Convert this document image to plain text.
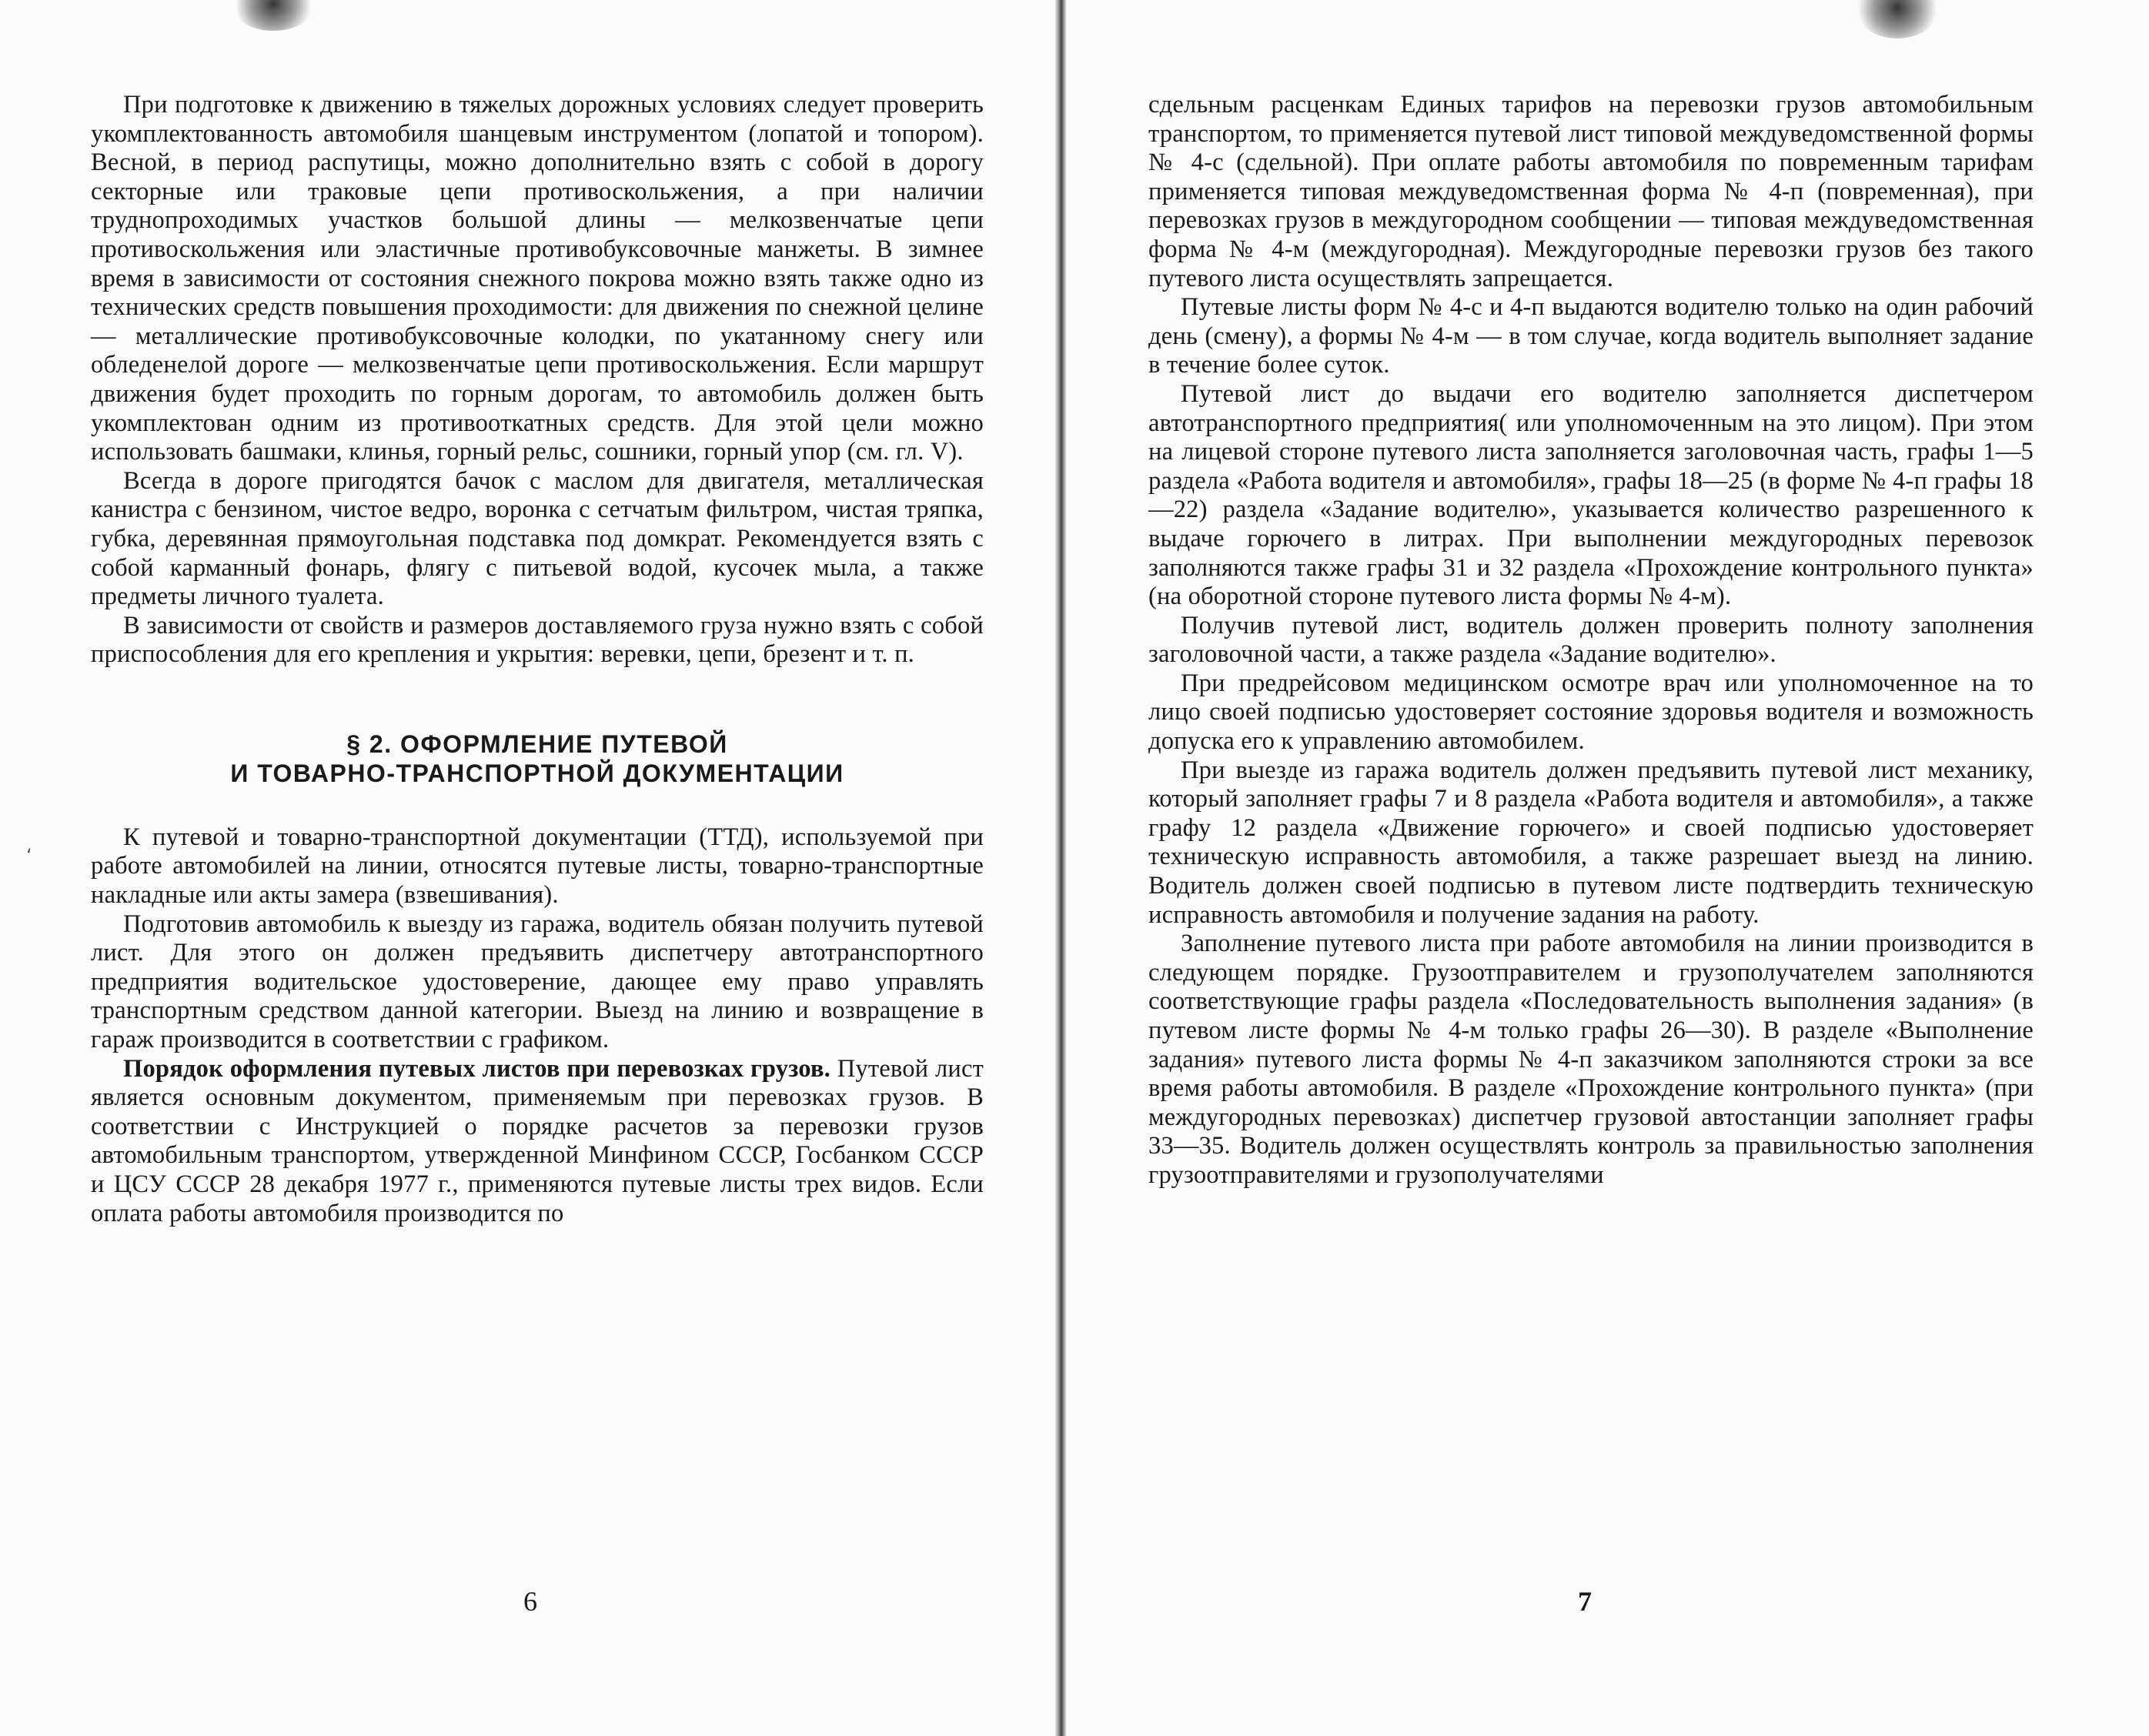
‘

При подготовке к движению в тяжелых дорожных условиях следует проверить укомплектованность автомобиля шанцевым инструментом (лопатой и топором). Весной, в период распутицы, можно дополнительно взять с собой в дорогу секторные или траковые цепи противоскольжения, а при наличии труднопроходимых участков большой длины — мелкозвенчатые цепи противоскольжения или эластичные противобуксовочные манжеты. В зимнее время в зависимости от состояния снежного покрова можно взять также одно из технических средств повышения проходимости: для движения по снежной целине — металлические противобуксовочные колодки, по укатанному снегу или обледенелой дороге — мелкозвенчатые цепи противоскольжения. Если маршрут движения будет проходить по горным дорогам, то автомобиль должен быть укомплектован одним из противооткатных средств. Для этой цели можно использовать башмаки, клинья, горный рельс, сошники, горный упор (см. гл. V).

Всегда в дороге пригодятся бачок с маслом для двигателя, металлическая канистра с бензином, чистое ведро, воронка с сетчатым фильтром, чистая тряпка, губка, деревянная прямоугольная подставка под домкрат. Рекомендуется взять с собой карманный фонарь, флягу с питьевой водой, кусочек мыла, а также предметы личного туалета.

В зависимости от свойств и размеров доставляемого груза нужно взять с собой приспособления для его крепления и укрытия: веревки, цепи, брезент и т. п.

§ 2. ОФОРМЛЕНИЕ ПУТЕВОЙ

И ТОВАРНО-ТРАНСПОРТНОЙ ДОКУМЕНТАЦИИ

К путевой и товарно-транспортной документации (ТТД), используемой при работе автомобилей на линии, относятся путевые листы, товарно-транспортные накладные или акты замера (взвешивания).

Подготовив автомобиль к выезду из гаража, водитель обязан получить путевой лист. Для этого он должен предъявить диспетчеру автотранспортного предприятия водительское удостоверение, дающее ему право управлять транспортным средством данной категории. Выезд на линию и возвращение в гараж производится в соответствии с графиком.

Порядок оформления путевых листов при перевозках грузов. Путевой лист является основным документом, применяемым при перевозках грузов. В соответствии с Инструкцией о порядке расчетов за перевозки грузов автомобильным транспортом, утвержденной Минфином СССР, Госбанком СССР и ЦСУ СССР 28 декабря 1977 г., применяются путевые листы трех видов. Если оплата работы автомобиля производится по

6

сдельным расценкам Единых тарифов на перевозки грузов автомобильным транспортом, то применяется путевой лист типовой междуведомственной формы № 4-с (сдельной). При оплате работы автомобиля по повременным тарифам применяется типовая междуведомственная форма № 4-п (повременная), при перевозках грузов в междугородном сообщении — типовая междуведомственная форма № 4-м (междугородная). Междугородные перевозки грузов без такого путевого листа осуществлять запрещается.

Путевые листы форм № 4-с и 4-п выдаются водителю только на один рабочий день (смену), а формы № 4-м — в том случае, когда водитель выполняет задание в течение более суток.

Путевой лист до выдачи его водителю заполняется диспетчером автотранспортного предприятия( или уполномоченным на это лицом). При этом на лицевой стороне путевого листа заполняется заголовочная часть, графы 1—5 раздела «Работа водителя и автомобиля», графы 18—25 (в форме № 4-п графы 18—22) раздела «Задание водителю», указывается количество разрешенного к выдаче горючего в литрах. При выполнении междугородных перевозок заполняются также графы 31 и 32 раздела «Прохождение контрольного пункта» (на оборотной стороне путевого листа формы № 4-м).

Получив путевой лист, водитель должен проверить полноту заполнения заголовочной части, а также раздела «Задание водителю».

При предрейсовом медицинском осмотре врач или уполномоченное на то лицо своей подписью удостоверяет состояние здоровья водителя и возможность допуска его к управлению автомобилем.

При выезде из гаража водитель должен предъявить путевой лист механику, который заполняет графы 7 и 8 раздела «Работа водителя и автомобиля», а также графу 12 раздела «Движение горючего» и своей подписью удостоверяет техническую исправность автомобиля, а также разрешает выезд на линию. Водитель должен своей подписью в путевом листе подтвердить техническую исправность автомобиля и получение задания на работу.

Заполнение путевого листа при работе автомобиля на линии производится в следующем порядке. Грузоотправителем и грузополучателем заполняются соответствующие графы раздела «Последовательность выполнения задания» (в путевом листе формы № 4-м только графы 26—30). В разделе «Выполнение задания» путевого листа формы № 4-п заказчиком заполняются строки за все время работы автомобиля. В разделе «Прохождение контрольного пункта» (при междугородных перевозках) диспетчер грузовой автостанции заполняет графы 33—35. Водитель должен осуществлять контроль за правильностью заполнения грузоотправителями и грузополучателями

7
